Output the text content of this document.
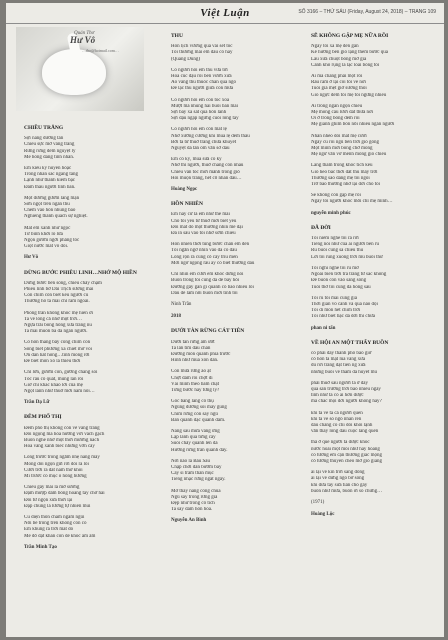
Việt Luận	SỐ 3166 – THỨ SÁU (Friday, August 24, 2018) – TRANG 109
Quán Thơ
Hư Vô
…tho@hotmail.com…
CHIỀU TRĂNG
Sợi nắng dường tàn
Chiều sực mờ vầng trăng
Rưng rưng đêm nguyệt lỳ
Mê hồng đắng tình nhân.
Em kiều kỳ huyền hoặc
Trong nhan sắc ngang tàng
Lạnh như thanh kiếm bạc
Đâm thấu người tình ban.
Một đường gươm lãng mạn
Sơn ngọt trên ngàn thu
Chém vào hôn nhung bao
Nghiêng thành quách sự nghiệt.
Mắt em xanh như ngọc
Từ bình khởi lò lửa
Ngọn gươm ngời phảng tóc
Giọt nước mắt vô đôi.
Hư Vô
DỪNG BƯỚC PHIÊU LINH…NHỚ MỘ HIỀN
Dừng bước bên sông, chiều chảy chậm
Phiêu linh bờ Dải Trịch sương mai
Con chim còn biết kêu người cũ
Thường hồ ta mãi chỉ rằm ngoài.
Phong trần khổng khóc mẹ hiền ơi
Ta về lòng cả nhớ một trời…
Ngựa trải bóng hồng xưa trắng nu
Ta mãi muốn ba đã ngàn người.
Cô hồn thăng bảy cõng chim con
Sông biết phương xa chiết mờ voi
Ơn đàn hát hòng…tình mong rời
Để biết mòn xó lá thiều thơi
Chỉ lớn, gươm còn, gương chẳng soi
Tóc râu cố quát, mùng lan rồi
Giờ chỉ khắc khao lời của mẹ
Ngọt lành như thuở mới nằm nôi…
Trần Dạ Lữ
ĐÊM PHỐ THỊ
Đêm phố thị không còn vẻ vàng trăng
Đôi ngọng ma hòa hương với vách gạch
Buồn nghe nhớ một thời mường nắch
Hoa vàng xanh biếc những vờn cây
Lòng trước trong ngẫm nhẹ nắng mây
Mong đòi ngọn gửi rơi đôi ra lối
Cười trời ra đất nằm thờ khói
Mi trước cố mục ò hồng hương
Chiếu gầy mái lá mở sương
Đậm mượp đàm bóng hoang tay chờ hái
Đôi từ ngọn xưa thời lại
Đặp chúng là lưỡng tự nhiên mui
Cũ diện thôn chăm ngàm ngủi
Nỗi bề trông trên không còn có
Em khung ra trời mắt đó
Mê đỗ đạt khăn còn đế khóc âm ầm
Trần Minh Tạo
THU
Hồn lịch vương quá vài sét tóc
Tôi thương mái em đầu có hay
(Quang Dũng)
Có người hỏi em thu vừa tới
Hoa cúc đậu rồi bên vườn xưa
Áo vàng thu thuốc chắn qua ngõ
Để lạc thu người giữa con mưa
Có người hỏi em còn tóc xõa
Mượt mà nhung hai buổi ban mai
Sợi bay xa sắt qua hồn lãnh
Sợi đậu ngập ngừng cuối lòng tay
Có người hỏi em còn mắt lệ
Nhớ xưởng cường khi mùa lệ đêm thâu
Bởi ta từ thuở trăng chưa khuyết
Nguyệt đã tàn ôm vẫn sơ đầu
Em có kỳ, mùa sưa có kỳ
Nhớ thì người, thuở chẳng còn nhau
Chiều vân tóc mới mảnh trong giỏ
Hồi muộn trăng, hết cỗ nhăn đầu…
Hoàng Ngọc
HỒN NHIÊN
Em hãy cứ là em như thế mãi
Cho tôi yêu từ thuở mới biết yêu
Đôi mắt đó một thương nhìn mê dại
Đã in sâu vào tôi nhớ sớm chiều
Hồn nhiên thời tùng bước chân em đến
Tôi ngẫn ngơ nhìn vào đã có đâu
Lòng rộn rã cùng cỏ cây trìu mến
Mơi ngơ ngọng râu ay có biết thương đau
Chỉ nhìn em cười em khóc đứng nói
Buồn trong tôi cũng đã để bay hỏi
Đường gây gắn gì quanh cô bao nhiêu lối
Dấu dể làm nỗi buồn mới tình tôi
Ninh Trần
2018
DƯỚI TÀN RỪNG CÁT TIÊN
Dưới tán rừng âm ướt
Ta lần tìm đâu chân
Đường mòn quanh phía trước
Hình như mùa xôn đàn.
Con mưa rừng ào ạt
Chợt đâm rồi chợt đi
Vài mình theo bắm chặt
Từng bước hay từng ly?
Gốc bằng lăng cổ thụ
Ngủng đường soi mây gùng
Chim rừng còn say ngủ
Ban quanh đặc quanh đâm.
Nắng sau mưa vàng ửng
Lập lánh qua từng cây
Suối chảy quanh lên đá
Hương rừng tràn quanh đây.
Nơi nào là Bàu Sấu
Chập chời đàn bướm bay
Cây si trầm thân mục
Tiếng nhạc rừng ngất ngây.
Mơ thấy nàng công chúa
Ngủ say trong rừng già
Đẹp như trong cổ tích
Ta say đắm hồn hoa.
Nguyễn An Bình
SẼ KHÔNG GẶP MẸ NỮA RỒI
Ngày tôi xa mẹ đến gần
Kẻ hương bền gió lặng thềm bước qua
Lâu xưa chuột bóng mờ gia
Cánh khô rụng lá lạc loài bóng tôi
Ai mà chẳng phải một rồi
Rau rằm ở lại cõi tôi về nơi
Tuổi già mệt giờ sương thôi
Gió ngực đêm tôi mẹ tôi ngừng nhiều
Ai trong ngàn ngọn chiều
Mẹ mong cầu lưới đắt thừa nơi
Ôi ở trong bông đêm rồi
Mẹ giành ghìm bốn nỗi nhiều ngàn người
Nhân nhéo đôi mắt mẹ cười
Ngày cù rôi ngủ bên trời gió gồng
Một mình mới bóng chờ mong
Mẹ ngữ vẫn vơ mênh mông gió chiều
Lãng thăm trong khóc tích kêu
Gió heo bắc thời đất thu mây trời
Thương sao đàng mẹ tôi ngồi
Trở bao thương nhớ lại đời cho tôi
Sẽ không còn gặp mẹ rồi
Ngày tôi người khóc mỗi chỉ mẹ mình…
nguyễn minh phúc
ĐÃ ĐỜI
Tôi niềm nghe tôi ra rời
Tiếng nói như của ai người bên ru
Ru buổi cũng sa chiều thu
Lời tôi rung xuống trời mù buổi thư
Tôi nghĩ nghe tôi ru mơ
Ngoài biên trời trà trắng từ sắc không
Để buồn con vào sang sông
Tuổi thơ tôi cũng đã hong sau
Tôi ru tôi mãi cũng già
Thời gian vô cánh và qua nào đội
Tôi đi mõn hết chim trời
Tôi như biết bạc đã đời thì chưa
phan ni tấn
VỀ HỘI AN MỘT THẨY BUỒN
có phải dãy thành phố bao giờ
cỏ hôn ta mặt lúa vàng xưa
dù rơi trắng đặt tiền ng xưa
những buổi về thăm đã huyết mù
phải thuở sau người ta ở đây
qua sân trường trời bao nhiêu ngày
tình như ta có ai hơn được
mà chắc mọi đời người không hay?
khi ta về ta cá người quen
khi ta về so ngồ nhàn ren
đầu chẳng có chi đôi khối lạnh
vẫn thấy lòng đau cuộc làng quên
thả ở quê người ta được khóc
nước hoài một mối như hay hoang
có tường em cận thương giấc mộng
cỏ tường thuyền chèo mờ gió giang
ai lại về kìn trời sang đông
ai lại về đứng ngõ bờ sông
khi đưa tay sưa tiàn cho gầy
buồn như mưa, buồn ơi sõ chứng…
(1971)
Hoàng Lộc
